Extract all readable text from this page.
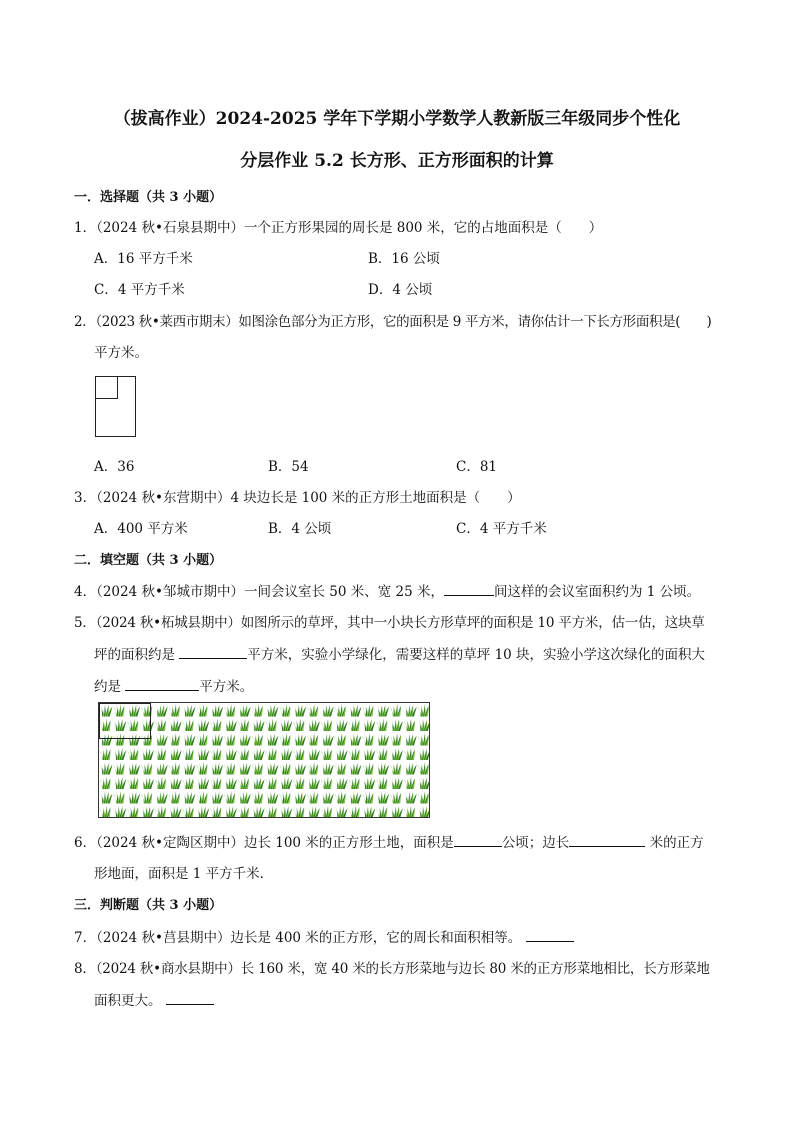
（拔高作业）2024-2025 学年下学期小学数学人教新版三年级同步个性化
分层作业 5.2 长方形、正方形面积的计算
一．选择题（共 3 小题）
1．（2024 秋•石泉县期中）一个正方形果园的周长是 800 米，它的占地面积是（　　）
A．16 平方千米	B．16 公顷
C．4 平方千米	D．4 公顷
2．（2023 秋•莱西市期末）如图涂色部分为正方形，它的面积是 9 平方米，请你估计一下长方形面积是(　　)
平方米。
A．36	B．54	C．81
3．（2024 秋•东营期中）4 块边长是 100 米的正方形土地面积是（　　）
A．400 平方米	B．4 公顷	C．4 平方千米
二．填空题（共 3 小题）
4．（2024 秋•邹城市期中）一间会议室长 50 米、宽 25 米，	间这样的会议室面积约为 1 公顷。
5．（2024 秋•柘城县期中）如图所示的草坪，其中一小块长方形草坪的面积是 10 平方米，估一估，这块草
坪的面积约是	平方米，实验小学绿化，需要这样的草坪 10 块，实验小学这次绿化的面积大
约是	平方米。
6．（2024 秋•定陶区期中）边长 100 米的正方形土地，面积是	公顷；边长	米的正方
形地面，面积是 1 平方千米．
三．判断题（共 3 小题）
7．（2024 秋•莒县期中）边长是 400 米的正方形，它的周长和面积相等。
8．（2024 秋•商水县期中）长 160 米，宽 40 米的长方形菜地与边长 80 米的正方形菜地相比，长方形菜地
面积更大。
